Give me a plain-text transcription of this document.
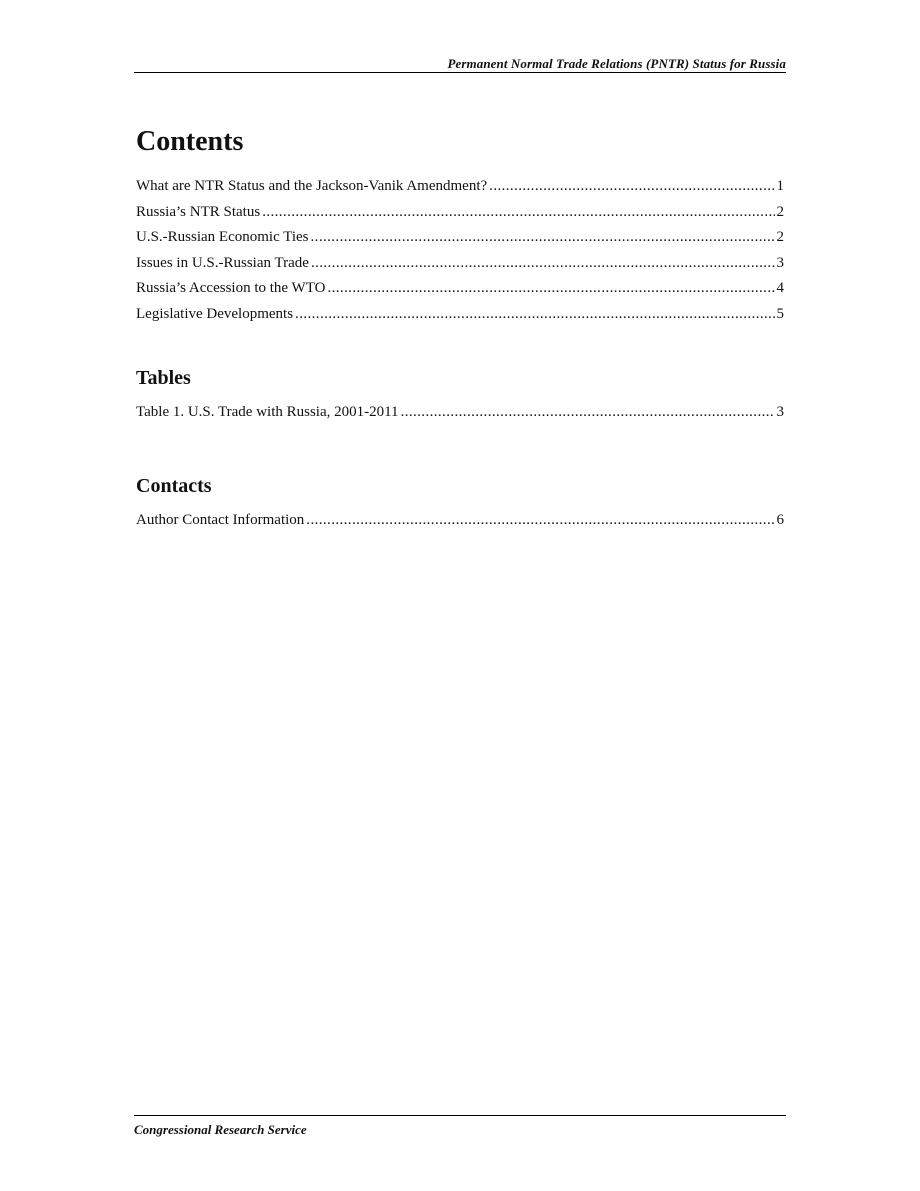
Permanent Normal Trade Relations (PNTR) Status for Russia
Contents
What are NTR Status and the Jackson-Vanik Amendment? .....	1
Russia’s NTR Status .....	2
U.S.-Russian Economic Ties .....	2
Issues in U.S.-Russian Trade .....	3
Russia’s Accession to the WTO .....	4
Legislative Developments .....	5
Tables
Table 1. U.S. Trade with Russia, 2001-2011 .....	3
Contacts
Author Contact Information .....	6
Congressional Research Service
